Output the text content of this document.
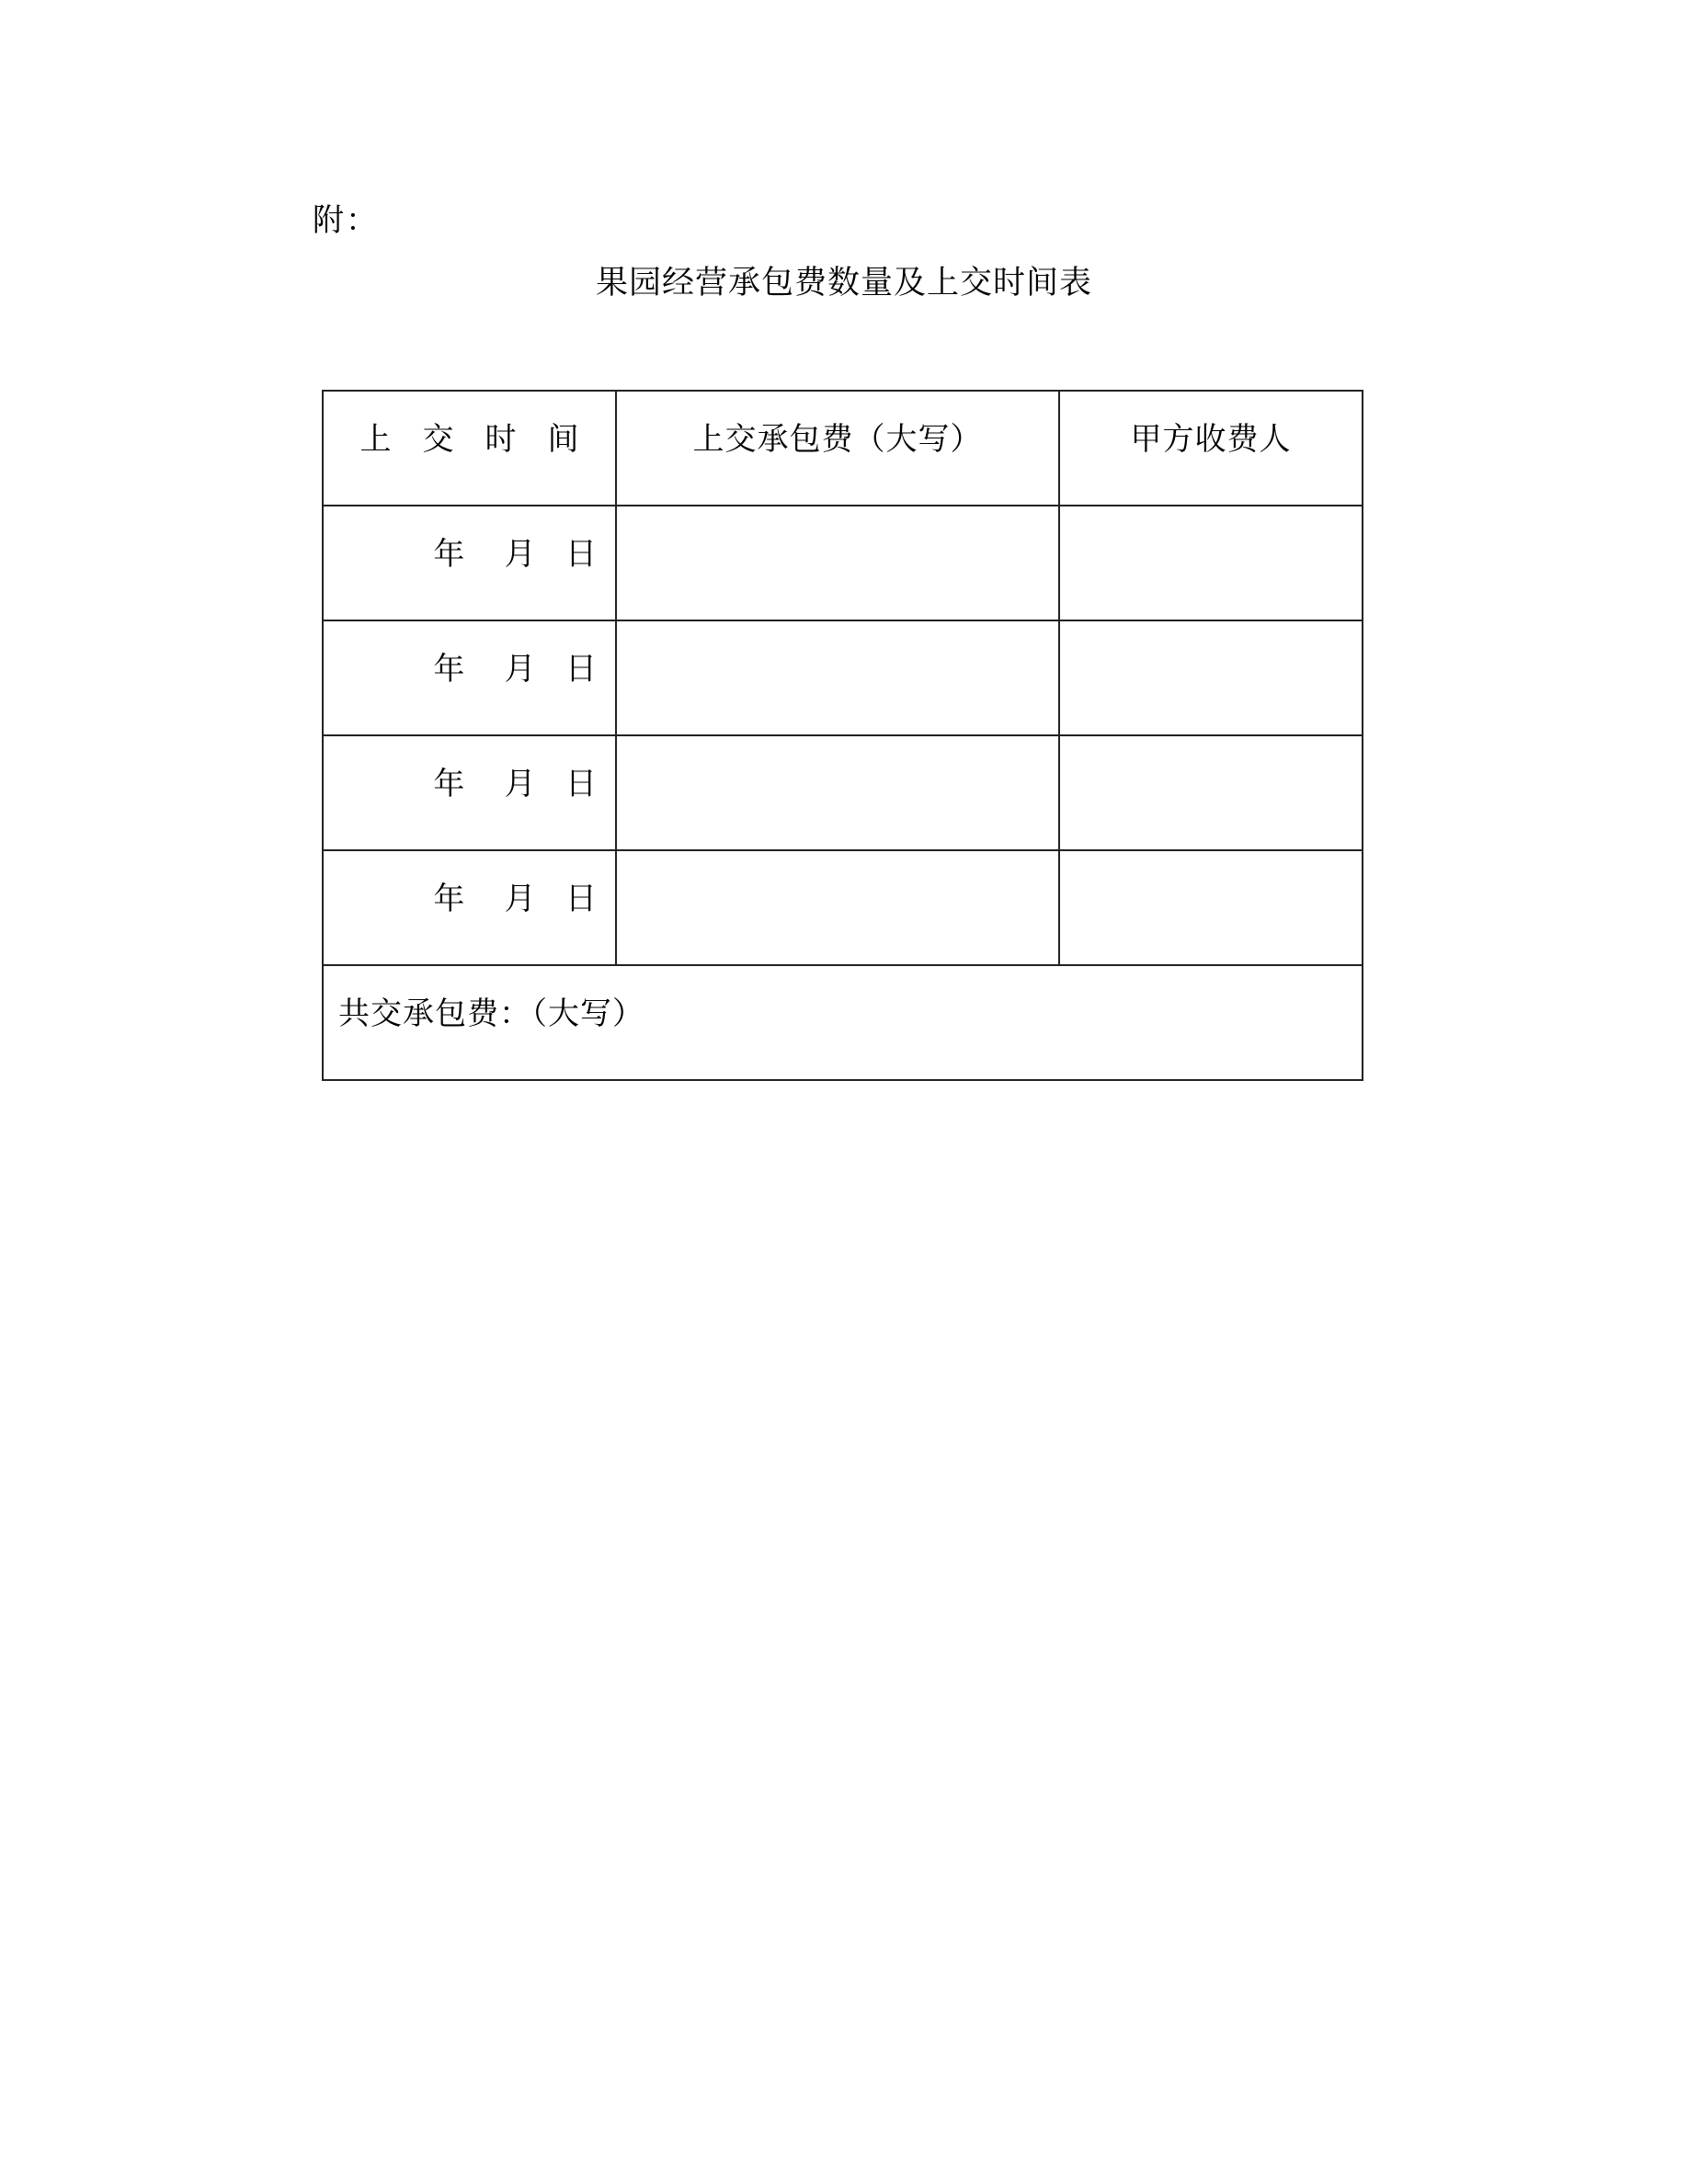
附：
果园经营承包费数量及上交时间表
上交时间	上交承包费（大写）	甲方收费人

年    月   日		

年    月   日		

年    月   日		

年    月   日		

共交承包费：（大写）		
